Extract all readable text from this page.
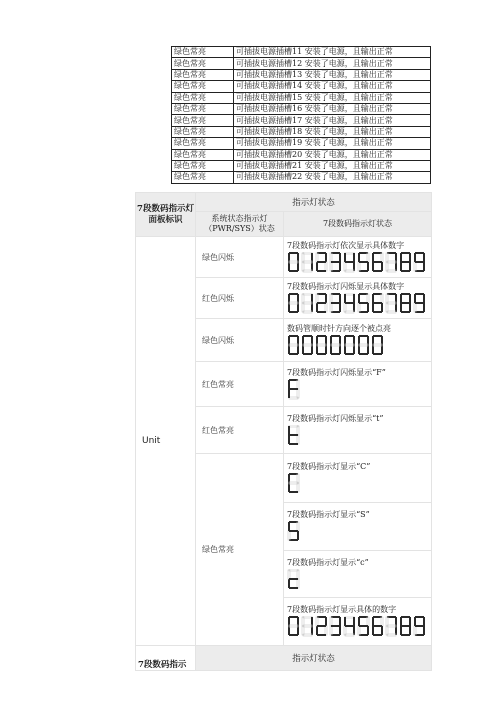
绿色常亮	可插拔电源插槽11 安装了电源，且输出正常
绿色常亮	可插拔电源插槽12 安装了电源，且输出正常
绿色常亮	可插拔电源插槽13 安装了电源，且输出正常
绿色常亮	可插拔电源插槽14 安装了电源，且输出正常
绿色常亮	可插拔电源插槽15 安装了电源，且输出正常
绿色常亮	可插拔电源插槽16 安装了电源，且输出正常
绿色常亮	可插拔电源插槽17 安装了电源，且输出正常
绿色常亮	可插拔电源插槽18 安装了电源，且输出正常
绿色常亮	可插拔电源插槽19 安装了电源，且输出正常
绿色常亮	可插拔电源插槽20 安装了电源，且输出正常
绿色常亮	可插拔电源插槽21 安装了电源，且输出正常
绿色常亮	可插拔电源插槽22 安装了电源，且输出正常
7段数码指示灯面板标识	指示灯状态	
	系统状态指示灯（PWR/SYS）状态	7段数码指示灯状态
Unit	绿色闪烁	7段数码指示灯依次显示具体数字

	红色闪烁	7段数码指示灯闪烁显示具体数字

	绿色闪烁	数码管顺时针方向逐个被点亮

	红色常亮	7段数码指示灯闪烁显示“F”

	红色常亮	7段数码指示灯闪烁显示“t”

	绿色常亮	7段数码指示灯显示“C”

		7段数码指示灯显示“S”

		7段数码指示灯显示“c”

		7段数码指示灯显示具体的数字

7段数码指示	指示灯状态	
